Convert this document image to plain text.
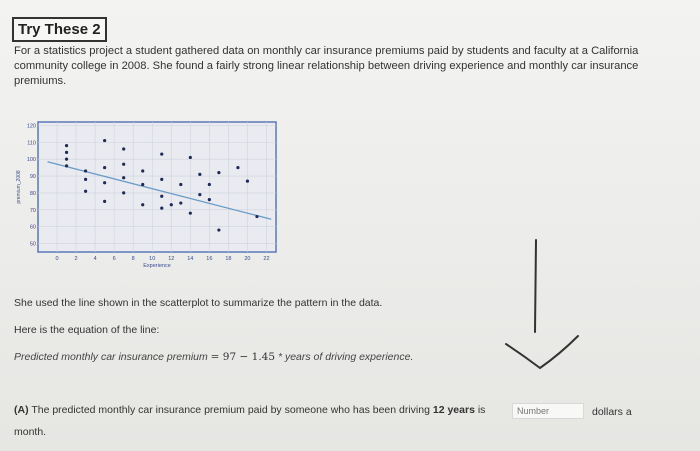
Try These 2
For a statistics project a student gathered data on monthly car insurance premiums paid by students and faculty at a California community college in 2008. She found a fairly strong linear relationship between driving experience and monthly car insurance premiums.
0	2	4	6	8	10 12 14 16 18 20 22
50
60
70
80
90
100
110
120
Experience
premium_2008
She used the line shown in the scatterplot to summarize the pattern in the data.
Here is the equation of the line:
Predicted monthly car insurance premium = 97 − 1.45 * years of driving experience.
(A) The predicted monthly car insurance premium paid by someone who has been driving 12 years is
Number	dollars a
month.
